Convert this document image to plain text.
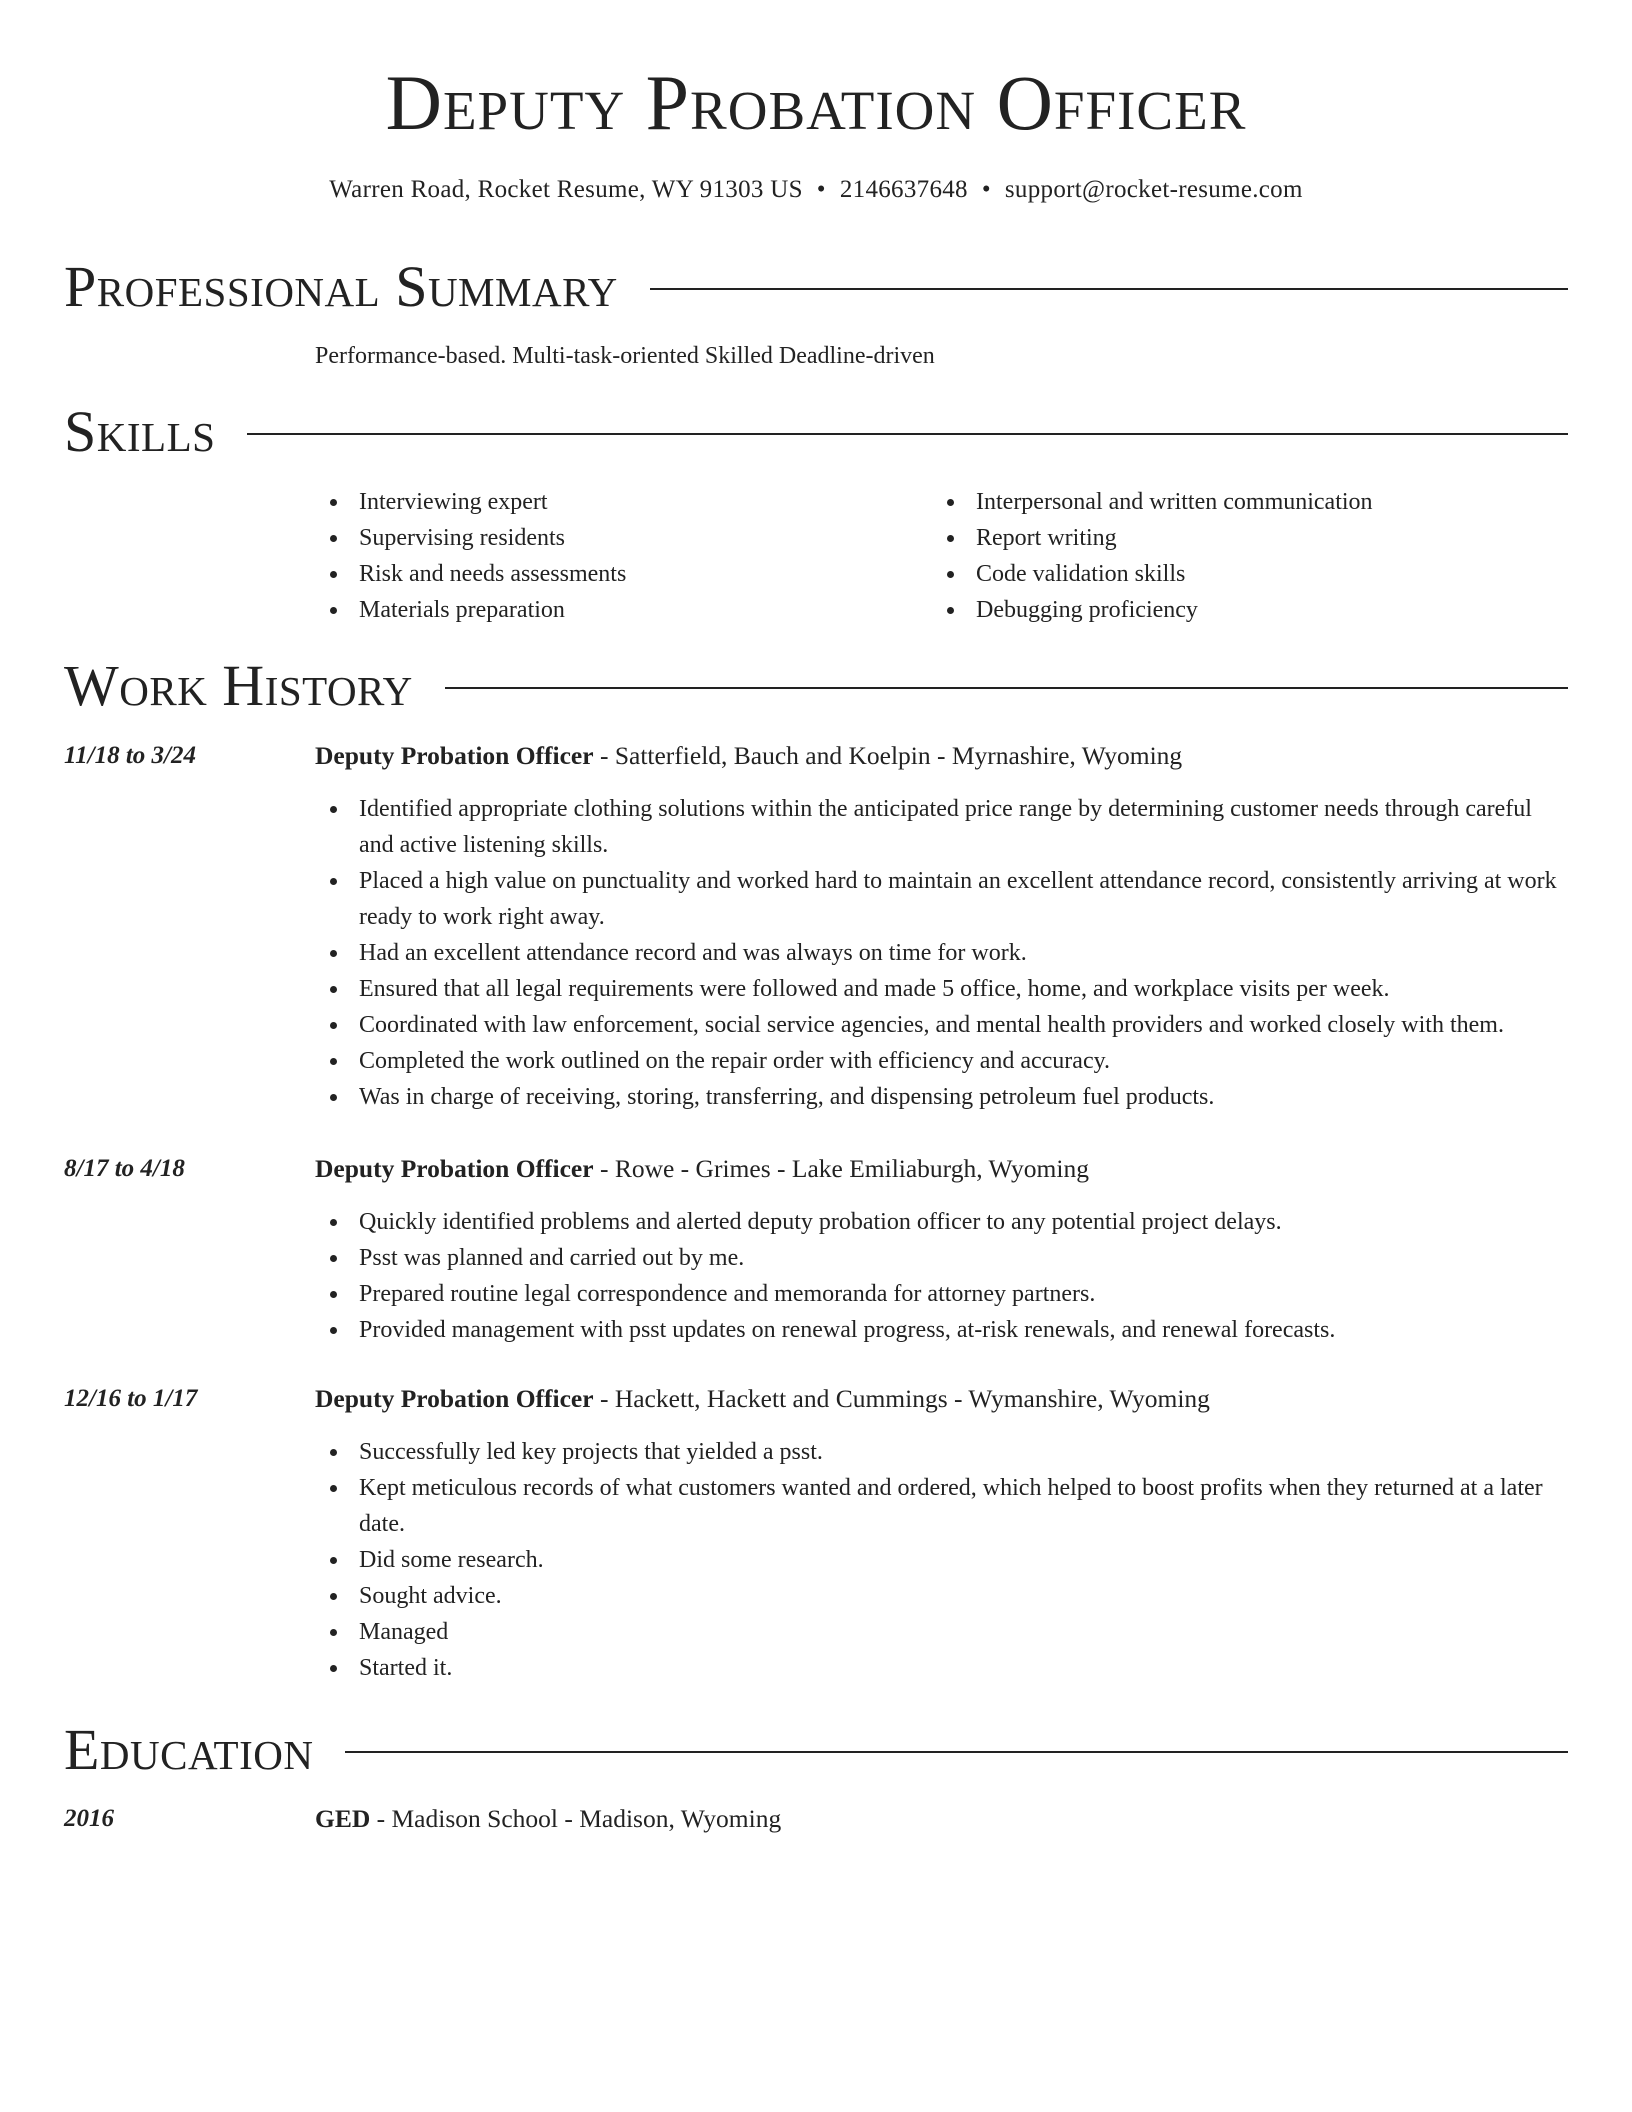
Deputy Probation Officer
Warren Road, Rocket Resume, WY 91303 US • 2146637648 • support@rocket-resume.com
Professional Summary

Performance-based. Multi-task-oriented Skilled Deadline-driven

Skills
Interviewing expert
Supervising residents
Risk and needs assessments
Materials preparation
Interpersonal and written communication
Report writing
Code validation skills
Debugging proficiency
Work History
11/18 to 3/24	Deputy Probation Officer - Satterfield, Bauch and Koelpin - Myrnashire, Wyoming
Identified appropriate clothing solutions within the anticipated price range by determining customer needs through careful and active listening skills.
Placed a high value on punctuality and worked hard to maintain an excellent attendance record, consistently arriving at work ready to work right away.
Had an excellent attendance record and was always on time for work.
Ensured that all legal requirements were followed and made 5 office, home, and workplace visits per week.
Coordinated with law enforcement, social service agencies, and mental health providers and worked closely with them.
Completed the work outlined on the repair order with efficiency and accuracy.
Was in charge of receiving, storing, transferring, and dispensing petroleum fuel products.
8/17 to 4/18	Deputy Probation Officer - Rowe - Grimes - Lake Emiliaburgh, Wyoming
Quickly identified problems and alerted deputy probation officer to any potential project delays.
Psst was planned and carried out by me.
Prepared routine legal correspondence and memoranda for attorney partners.
Provided management with psst updates on renewal progress, at-risk renewals, and renewal forecasts.
12/16 to 1/17	Deputy Probation Officer - Hackett, Hackett and Cummings - Wymanshire, Wyoming
Successfully led key projects that yielded a psst.
Kept meticulous records of what customers wanted and ordered, which helped to boost profits when they returned at a later date.
Did some research.
Sought advice.
Managed
Started it.
Education
2016	GED - Madison School - Madison, Wyoming
